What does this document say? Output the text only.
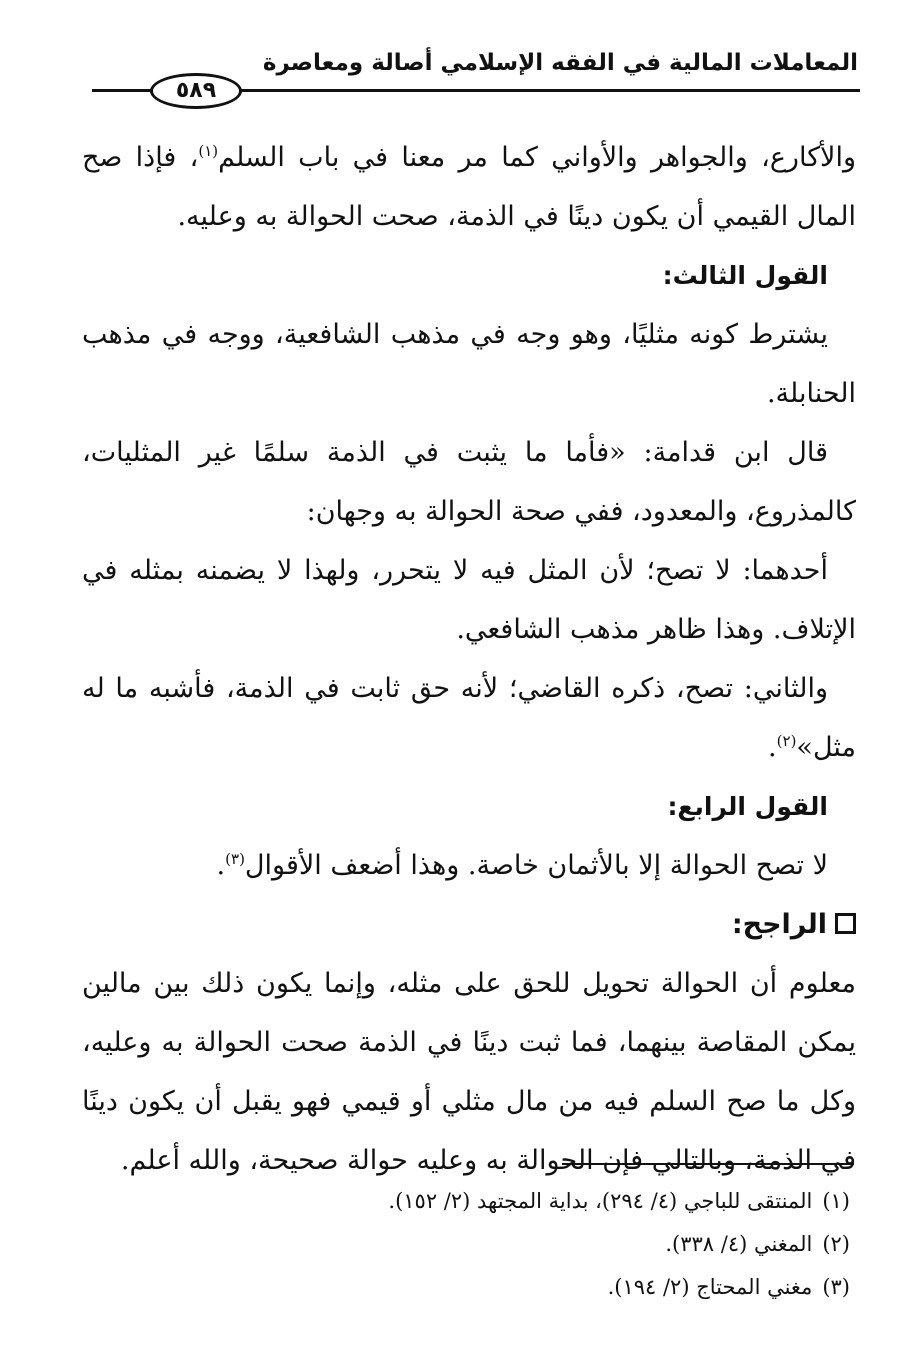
المعاملات المالية في الفقه الإسلامي أصالة ومعاصرة
٥٨٩

والأكارع، والجواهر والأواني كما مر معنا في باب السلم$^{(١)}$، فإذا صح المال القيمي أن يكون دينًا في الذمة، صحت الحوالة به وعليه.

القول الثالث:

يشترط كونه مثليًا، وهو وجه في مذهب الشافعية، ووجه في مذهب الحنابلة.

قال ابن قدامة: «فأما ما يثبت في الذمة سلمًا غير المثليات، كالمذروع، والمعدود، ففي صحة الحوالة به وجهان:

أحدهما: لا تصح؛ لأن المثل فيه لا يتحرر، ولهذا لا يضمنه بمثله في الإتلاف. وهذا ظاهر مذهب الشافعي.

والثاني: تصح، ذكره القاضي؛ لأنه حق ثابت في الذمة، فأشبه ما له مثل»$^{(٢)}$.

القول الرابع:

لا تصح الحوالة إلا بالأثمان خاصة. وهذا أضعف الأقوال$^{(٣)}$.

الراجح:

معلوم أن الحوالة تحويل للحق على مثله، وإنما يكون ذلك بين مالين يمكن المقاصة بينهما، فما ثبت دينًا في الذمة صحت الحوالة به وعليه، وكل ما صح السلم فيه من مال مثلي أو قيمي فهو يقبل أن يكون دينًا في الذمة، وبالتالي فإن الحوالة به وعليه حوالة صحيحة، والله أعلم.

(١)المنتقى للباجي (٤/ ٢٩٤)، بداية المجتهد (٢/ ١٥٢).

(٢)المغني (٤/ ٣٣٨).

(٣)مغني المحتاج (٢/ ١٩٤).
